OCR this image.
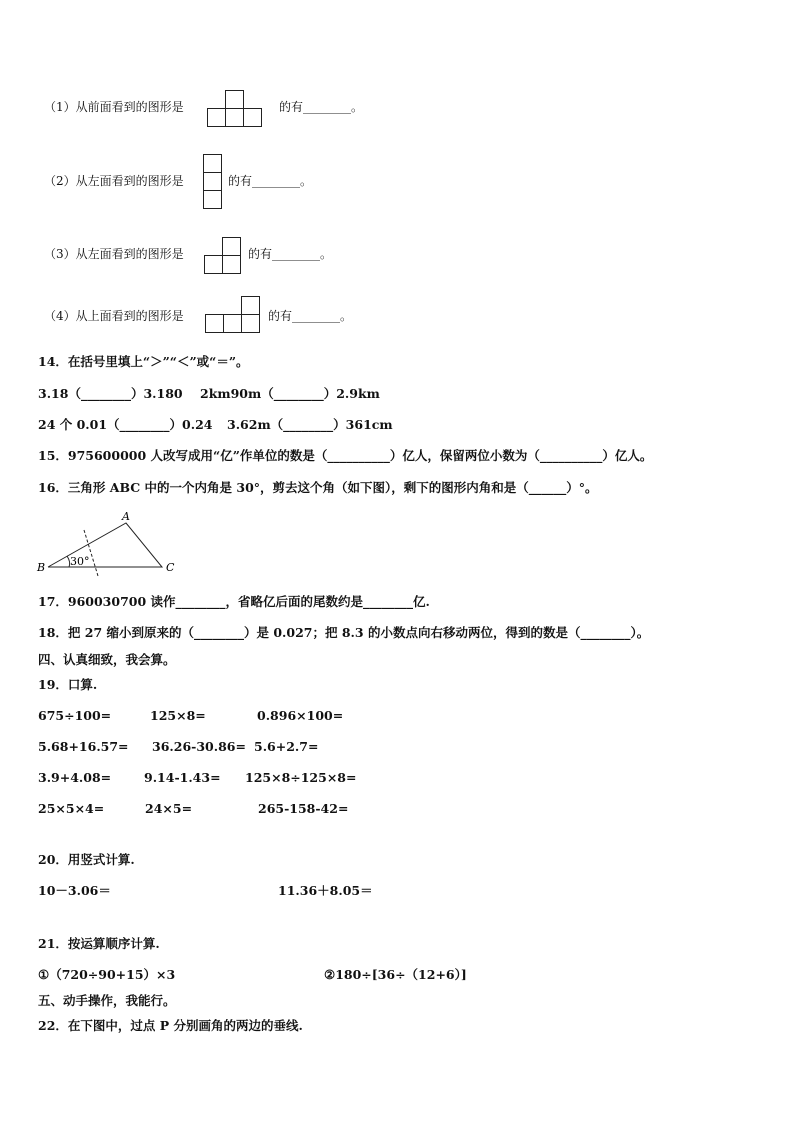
（1）从前面看到的图形是	的有________。
（2）从左面看到的图形是	的有________。
（3）从左面看到的图形是	的有________。
（4）从上面看到的图形是	的有________。
14．在括号里填上“＞”“＜”或“＝”。
3.18（________）3.180 2km90m（________）2.9km
24 个 0.01（________）0.24 3.62m（________）361cm
15．975600000 人改写成用“亿”作单位的数是（__________）亿人，保留两位小数为（__________）亿人。
16．三角形 ABC 中的一个内角是 30°，剪去这个角（如下图），剩下的图形内角和是（______）°。
A
B	C
30°
17．960030700 读作________，省略亿后面的尾数约是________亿.
18．把 27 缩小到原来的（________）是 0.027；把 8.3 的小数点向右移动两位，得到的数是（________）。
四、认真细致，我会算。
19．口算.
675÷100=	125×8=	0.896×100=
5.68+16.57= 36.26-30.86= 5.6+2.7=
3.9+4.08=	9.14-1.43= 125×8÷125×8=
25×5×4=	24×5=	265-158-42=
20．用竖式计算.
10－3.06＝	11.36＋8.05＝
21．按运算顺序计算.
①（720÷90+15）×3	②180÷[36÷（12+6）]
五、动手操作，我能行。
22．在下图中，过点 P 分别画角的两边的垂线.
